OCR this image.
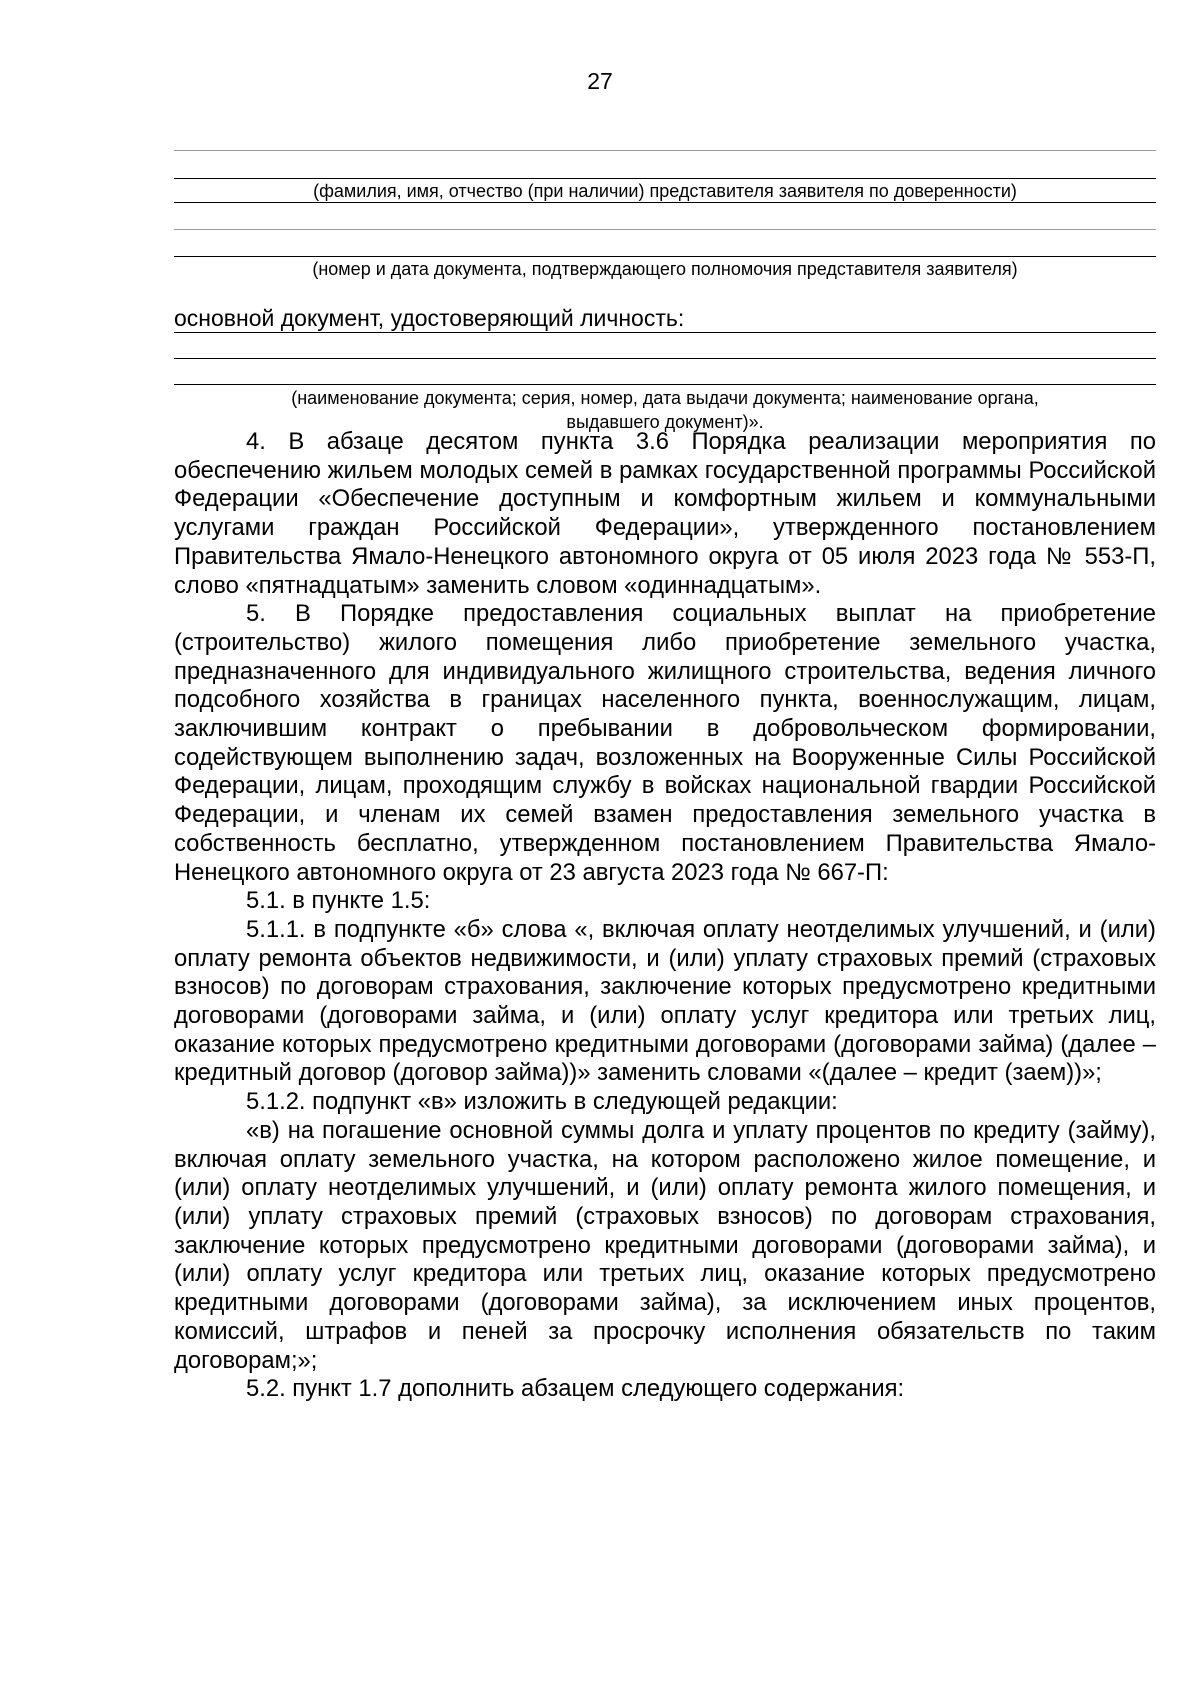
27
(фамилия, имя, отчество (при наличии) представителя заявителя по доверенности)
(номер и дата документа, подтверждающего полномочия представителя заявителя)
основной документ, удостоверяющий личность:
(наименование документа; серия, номер, дата выдачи документа; наименование органа,
выдавшего документ)».

4. В абзаце десятом пункта 3.6 Порядка реализации мероприятия по обеспечению жильем молодых семей в рамках государственной программы Российской Федерации «Обеспечение доступным и комфортным жильем и коммунальными услугами граждан Российской Федерации», утвержденного постановлением Правительства Ямало-Ненецкого автономного округа от 05 июля 2023 года № 553-П, слово «пятнадцатым» заменить словом «одиннадцатым».

5. В Порядке предоставления социальных выплат на приобретение (строительство) жилого помещения либо приобретение земельного участка, предназначенного для индивидуального жилищного строительства, ведения личного подсобного хозяйства в границах населенного пункта, военнослужащим, лицам, заключившим контракт о пребывании в добровольческом формировании, содействующем выполнению задач, возложенных на Вооруженные Силы Российской Федерации, лицам, проходящим службу в войсках национальной гвардии Российской Федерации, и членам их семей взамен предоставления земельного участка в собственность бесплатно, утвержденном постановлением Правительства Ямало-Ненецкого автономного округа от 23 августа 2023 года № 667-П:

5.1. в пункте 1.5:

5.1.1. в подпункте «б» слова «, включая оплату неотделимых улучшений, и (или) оплату ремонта объектов недвижимости, и (или) уплату страховых премий (страховых взносов) по договорам страхования, заключение которых предусмотрено кредитными договорами (договорами займа, и (или) оплату услуг кредитора или третьих лиц, оказание которых предусмотрено кредитными договорами (договорами займа) (далее – кредитный договор (договор займа))» заменить словами «(далее – кредит (заем))»;

5.1.2. подпункт «в» изложить в следующей редакции:

«в) на погашение основной суммы долга и уплату процентов по кредиту (займу), включая оплату земельного участка, на котором расположено жилое помещение, и (или) оплату неотделимых улучшений, и (или) оплату ремонта жилого помещения, и (или) уплату страховых премий (страховых взносов) по договорам страхования, заключение которых предусмотрено кредитными договорами (договорами займа), и (или) оплату услуг кредитора или третьих лиц, оказание которых предусмотрено кредитными договорами (договорами займа), за исключением иных процентов, комиссий, штрафов и пеней за просрочку исполнения обязательств по таким договорам;»;

5.2. пункт 1.7 дополнить абзацем следующего содержания:
